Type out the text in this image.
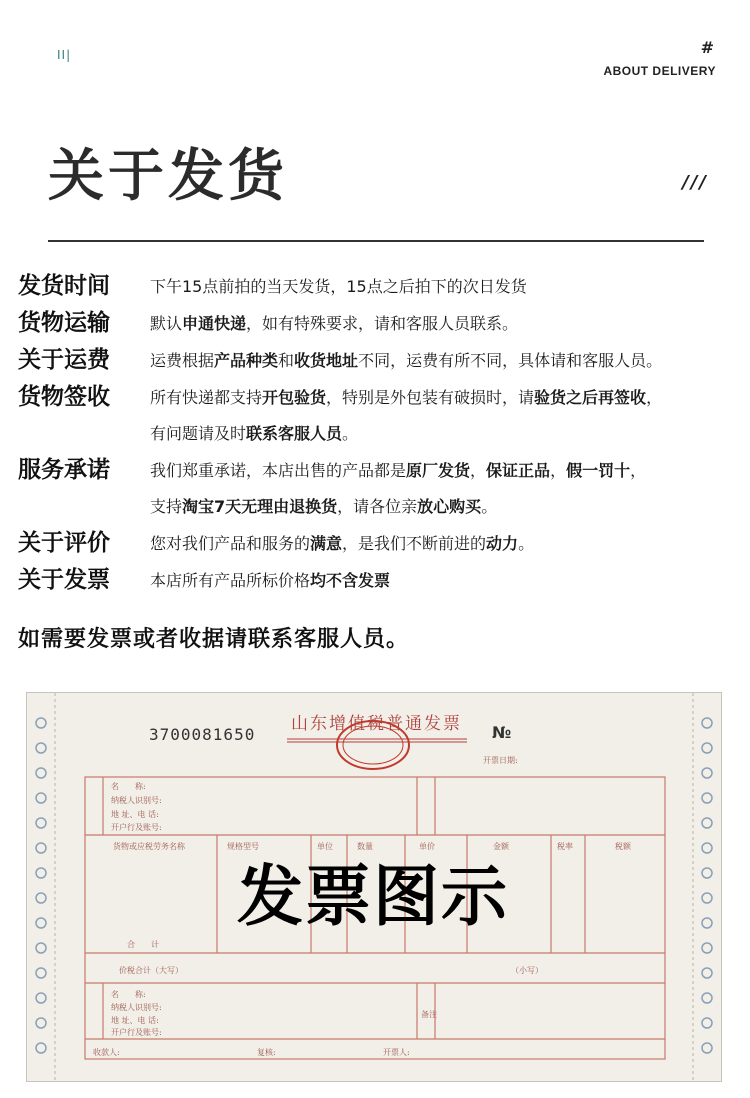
II|	#
ABOUT DELIVERY
关于发货	///
发货时间	下午15点前拍的当天发货，15点之后拍下的次日发货
货物运输	默认申通快递，如有特殊要求，请和客服人员联系。
关于运费	运费根据产品种类和收货地址不同，运费有所不同，具体请和客服人员。
货物签收	所有快递都支持开包验货，特别是外包装有破损时，请验货之后再签收，
有问题请及时联系客服人员。
服务承诺	我们郑重承诺，本店出售的产品都是原厂发货，保证正品，假一罚十，
支持淘宝7天无理由退换货，请各位亲放心购买。
关于评价	您对我们产品和服务的满意，是我们不断前进的动力。
关于发票	本店所有产品所标价格均不含发票
如需要发票或者收据请联系客服人员。
3700081650
山东增值税普通发票 №
开票日期:
名　　称:
纳税人识别号:
地 址、电 话:
开户行及账号:
货物或应税劳务名称	规格型号	单位	数量	单价	金额	税率	税额
合　　计
价税合计（大写）	（小写）
名　　称:
纳税人识别号:
地 址、电 话:
开户行及账号:
备注
收款人:	复核:	开票人:
发票图示
